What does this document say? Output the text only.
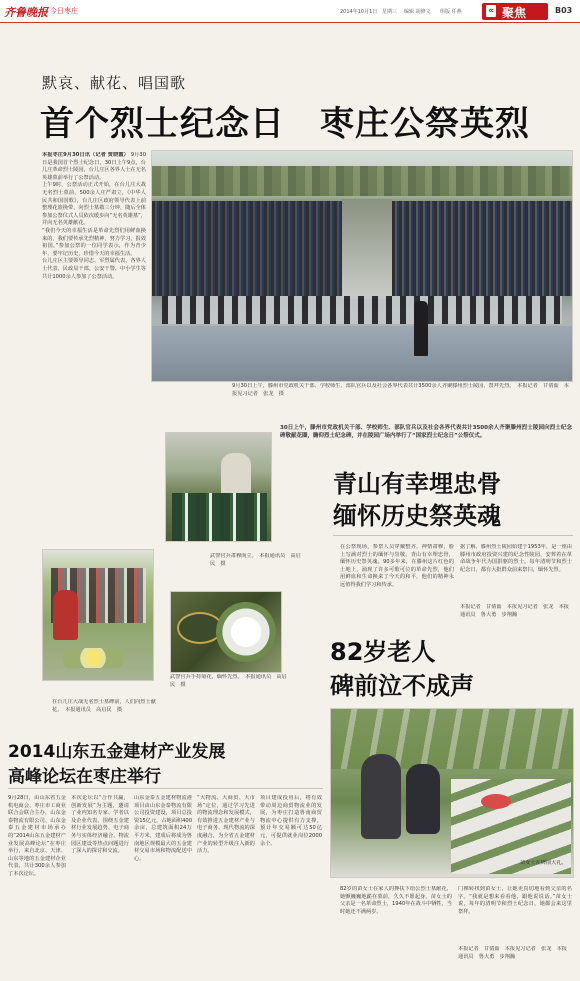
齐鲁晚报 今日枣庄	2014年10月1日 星期三 编辑 胡修文 组版 任燕	« 聚焦	B03
默哀、献花、唱国歌
首个烈士纪念日　枣庄公祭英烈
本报枣庄9月30日讯（记者 贾晓霞） 9月30日是我国首个烈士纪念日，30日上午9点，台儿庄革命烈士陵园，台儿庄区各界人士在无名英雄墓前举行了公祭活动。
上午9时，公祭活动正式开始，在台儿庄大战无名烈士墓前，500余人庄严肃立，《中华人民共和国国歌》，台儿庄区政府领导代表上前整理花篮挽带，向烈士墓敬三分钟，随后全体参加公祭仪式人员依次缓步向“无名英雄墓”，并向无名英雄献花。
“我们今天的幸福生活是革命先烈们用鲜血换来的，我们要传承先烈精神，努力学习，报效祖国。”参加公祭的一位同学表示，作为青少年，要牢记历史，珍惜今天的幸福生活。
台儿庄区主要领导同志、军烈属代表、各界人士代表、民政局干部、公安干警、中小学生等共计1000余人参加了公祭活动。
9月30日上午，滕州市党政机关干部、学校师生、部队官兵以及社会各界代表共计3500余人齐聚滕州烈士陵园，祭拜先烈。　本报记者　甘倩茹　本报见习记者　张龙　摄
30日上午，滕州市党政机关干部、学校师生、部队官兵以及社会各界代表共计3500余人齐聚滕州烈士陵园向烈士纪念碑敬献花圈，瞻仰烈士纪念碑，并在陵园广场内举行了“国家烈士纪念日”公祭仪式。
武警官兵肃穆而立。　本报通讯员　高启民　摄
青山有幸埋忠骨
缅怀历史祭英魂
在公祭现场，参祭人员穿戴整齐，神情肃穆，脸上写满对烈士的缅怀与崇敬。青山有幸埋忠骨，缅怀历史祭英魂。90多年来，在滕州这片红色的土地上，涌现了许多可歌可泣的革命先烈，他们用鲜血和生命换来了今天的和平，他们的精神永远值得我们学习和传承。
据了解，滕州烈士陵园始建于1953年，是一座由滕州市政府投资兴建的纪念性陵园，安葬着在革命战争年代为国捐躯的烈士。每年清明节和烈士纪念日，都有大批群众前来祭扫，缅怀先烈。
本报记者　甘倩茹　本报见习记者　张龙　本报通讯员　鲁大勇　步翔瀚
在台儿庄大战无名烈士墓碑前，人们向烈士献花。　本报通讯员　高启民　摄
武警官兵手持菊花，缅怀先烈。　本报通讯员　高启民　摄
82岁老人
碑前泣不成声
苗女士在碑前大礼。
82岁的苗女士在家人的搀扶下给公烈士墓献花，她颤巍巍地跪在墓前，久久不愿起身。苗女士的父亲是一名革命烈士，1940年在战斗中牺牲，当时她还不满两岁。
门裸转找到苗女士，让她更真切地看到父亲的名字。“我就是想来看看他，跟他说说话。”苗女士说，每年的清明节和烈士纪念日，她都会来这里祭拜。
本报记者　甘倩茹　本报见习记者　张龙　本报通讯员　鲁大勇　步翔瀚
2014山东五金建材产业发展
高峰论坛在枣庄举行
9月28日，由山东省五金机电商会、枣庄市工商业联合会联合主办，山东金泰物流有限公司、山东金泰五金建材市场承办的“2014山东五金建材产业发展高峰论坛”在枣庄举行，来自北京、天津、山东等地的五金建材企业代表，共计300余人参加了本次论坛。
本次论坛以“合作共赢，创新发展”为主题，邀请了业内知名专家、学者以及企业代表，围绕五金建材行业发展趋势、电子商务与实体经济融合、物流园区建设等热点问题进行了深入的探讨和交流。
山东金泰五金建材物流港项目由山东金泰物流有限公司投资建设，项目总投资15亿元，占地面积400余亩，总建筑面积24万平方米，建成后将成为鲁南地区规模最大的五金建材交易市场和物流配送中心。
“大物流、大商贸、大市场”定位，通过学习先进的物流理念和发展模式，有效推进五金建材产业与电子商务、现代物流的深度融合，为全省五金建材产业的转型升级注入新的活力。
项目建成投用后，将有效带动周边商贸物流业的发展，为枣庄打造鲁南商贸物流中心提供有力支撑。预计年交易额可达50亿元，可提供就业岗位2000余个。
